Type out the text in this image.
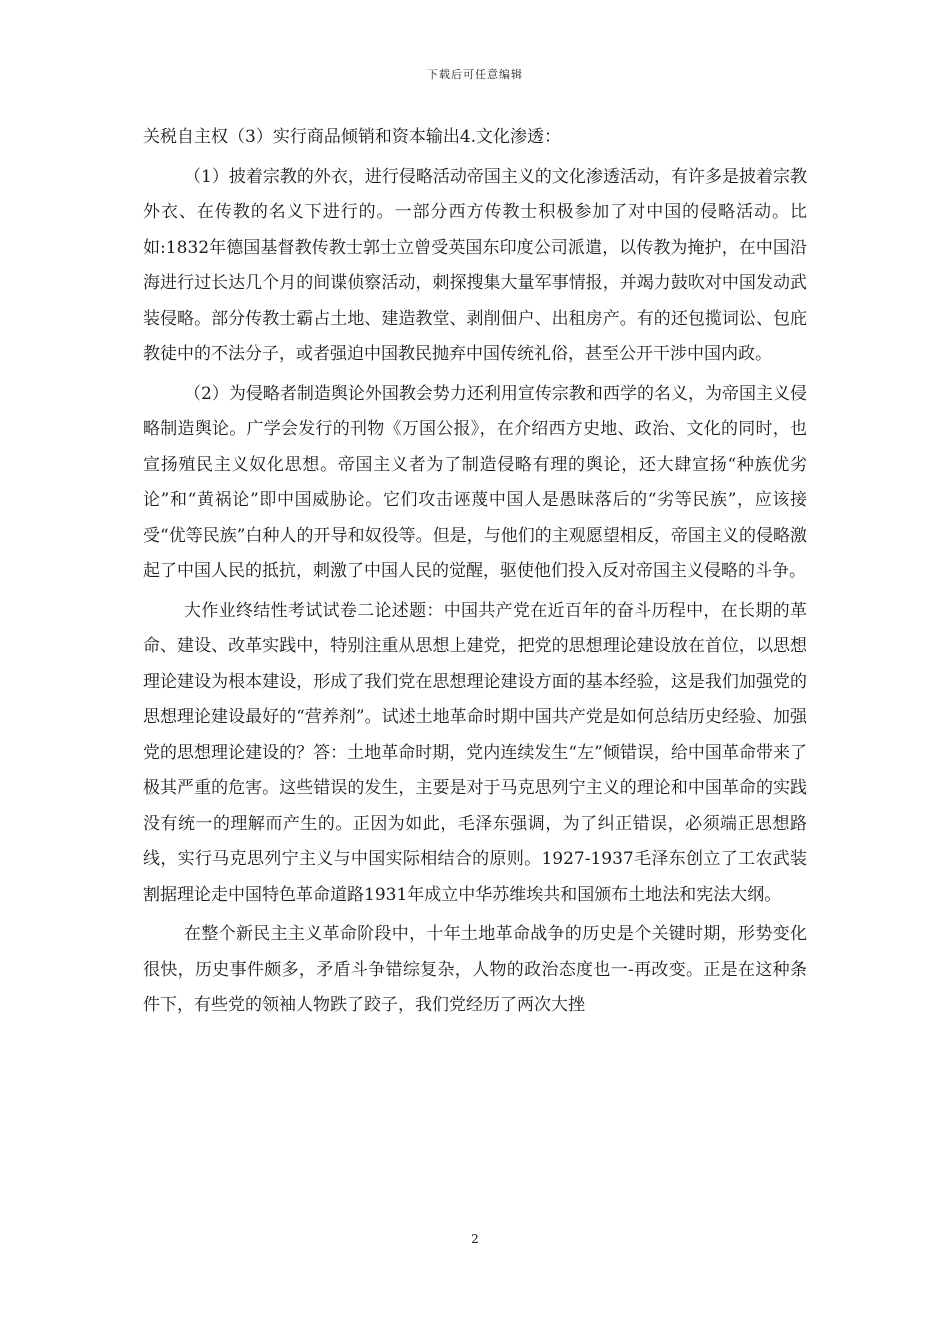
下载后可任意编辑

关税自主权（3）实行商品倾销和资本输出4.文化渗透：

（1）披着宗教的外衣，进行侵略活动帝国主义的文化渗透活动，有许多是披着宗教外衣、在传教的名义下进行的。一部分西方传教士积极参加了对中国的侵略活动。比如:1832年德国基督教传教士郭士立曾受英国东印度公司派遣，以传教为掩护，在中国沿海进行过长达几个月的间谍侦察活动，刺探搜集大量军事情报，并竭力鼓吹对中国发动武装侵略。部分传教士霸占土地、建造教堂、剥削佃户、出租房产。有的还包揽词讼、包庇教徒中的不法分子，或者强迫中国教民抛弃中国传统礼俗，甚至公开干涉中国内政。

（2）为侵略者制造舆论外国教会势力还利用宣传宗教和西学的名义，为帝国主义侵略制造舆论。广学会发行的刊物《万国公报》，在介绍西方史地、政治、文化的同时，也宣扬殖民主义奴化思想。帝国主义者为了制造侵略有理的舆论，还大肆宣扬“种族优劣论”和“黄祸论”即中国威胁论。它们攻击诬蔑中国人是愚昧落后的“劣等民族”，应该接受“优等民族”白种人的开导和奴役等。但是，与他们的主观愿望相反，帝国主义的侵略激起了中国人民的抵抗，刺激了中国人民的觉醒，驱使他们投入反对帝国主义侵略的斗争。

大作业终结性考试试卷二论述题：中国共产党在近百年的奋斗历程中，在长期的革命、建设、改革实践中，特别注重从思想上建党，把党的思想理论建设放在首位，以思想理论建设为根本建设，形成了我们党在思想理论建设方面的基本经验，这是我们加强党的思想理论建设最好的“营养剂”。试述土地革命时期中国共产党是如何总结历史经验、加强党的思想理论建设的？答：土地革命时期，党内连续发生“左”倾错误，给中国革命带来了极其严重的危害。这些错误的发生，主要是对于马克思列宁主义的理论和中国革命的实践没有统一的理解而产生的。正因为如此，毛泽东强调，为了纠正错误，必须端正思想路线，实行马克思列宁主义与中国实际相结合的原则。1927-1937毛泽东创立了工农武装割据理论走中国特色革命道路1931年成立中华苏维埃共和国颁布土地法和宪法大纲。

在整个新民主主义革命阶段中，十年土地革命战争的历史是个关键时期，形势变化很快，历史事件颇多，矛盾斗争错综复杂，人物的政治态度也一-再改变。正是在这种条件下，有些党的领袖人物跌了跤子，我们党经历了两次大挫

2
